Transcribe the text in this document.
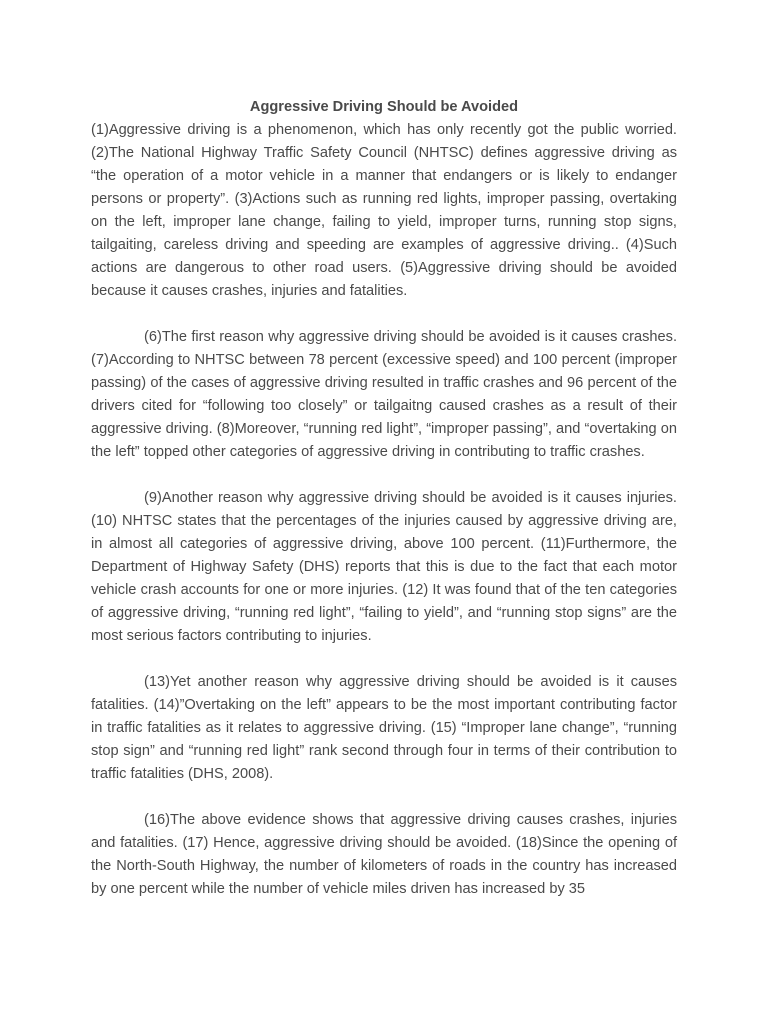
Aggressive Driving Should be Avoided

(1)Aggressive driving is a phenomenon, which has only recently got the public worried. (2)The National Highway Traffic Safety Council (NHTSC) defines aggressive driving as “the operation of a motor vehicle in a manner that endangers or is likely to endanger persons or property”. (3)Actions such as running red lights, improper passing, overtaking on the left, improper lane change, failing to yield, improper turns, running stop signs, tailgaiting, careless driving and speeding are examples of aggressive driving.. (4)Such actions are dangerous to other road users. (5)Aggressive driving should be avoided because it causes crashes, injuries and fatalities.

(6)The first reason why aggressive driving should be avoided is it causes crashes. (7)According to NHTSC between 78 percent (excessive speed) and 100 percent (improper passing) of the cases of aggressive driving resulted in traffic crashes and 96 percent of the drivers cited for “following too closely” or tailgaitng caused crashes as a result of their aggressive driving. (8)Moreover, “running red light”, “improper passing”, and “overtaking on the left” topped other categories of aggressive driving in contributing to traffic crashes.

(9)Another reason why aggressive driving should be avoided is it causes injuries.(10) NHTSC states that the percentages of the injuries caused by aggressive driving are, in almost all categories of aggressive driving, above 100 percent. (11)Furthermore, the Department of Highway Safety (DHS) reports that this is due to the fact that each motor vehicle crash accounts for one or more injuries. (12) It was found that of the ten categories of aggressive driving, “running red light”, “failing to yield”, and “running stop signs” are the most serious factors contributing to injuries.

(13)Yet another reason why aggressive driving should be avoided is it causes fatalities. (14)”Overtaking on the left” appears to be the most important contributing factor in traffic fatalities as it relates to aggressive driving. (15) “Improper lane change”, “running stop sign” and “running red light” rank second through four in terms of their contribution to traffic fatalities (DHS, 2008).

(16)The above evidence shows that aggressive driving causes crashes, injuries and fatalities. (17) Hence, aggressive driving should be avoided. (18)Since the opening of the North-South Highway, the number of kilometers of roads in the country has increased by one percent while the number of vehicle miles driven has increased by 35
